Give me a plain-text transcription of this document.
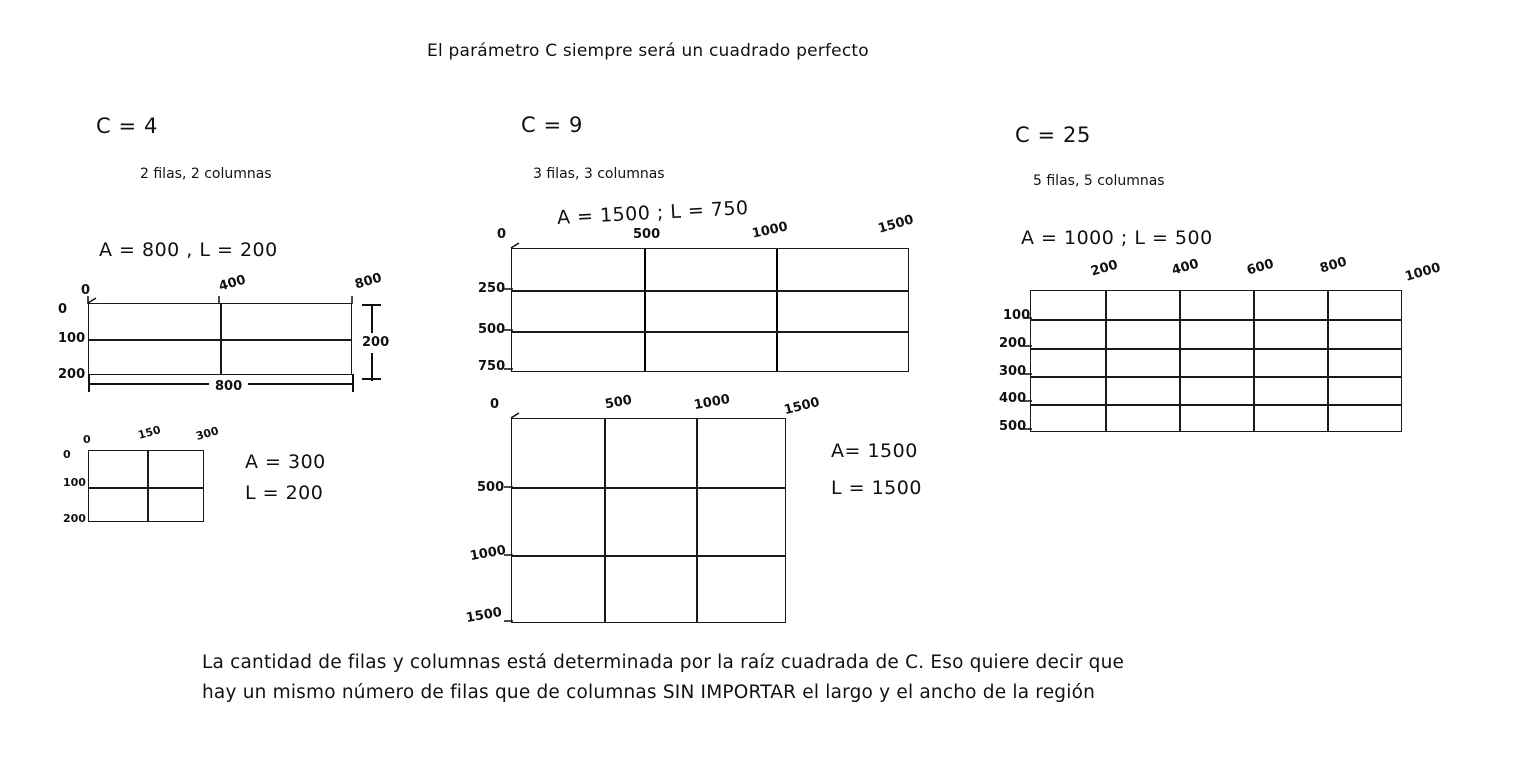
El parámetro C siempre será un cuadrado perfecto
C = 4
2 filas, 2 columnas
A = 800 , L = 200
0	400	800
0
100
200
800
200
0	150	300
0
100
200
A = 300
L = 200
C = 9
3 filas, 3 columnas
A = 1500 ; L = 750
0	500	1000	1500
250
500
750
0	500	1000	1500
500
1000
1500
A= 1500
L = 1500
C = 25
5 filas, 5 columnas
A = 1000 ; L = 500
200	400	600	800	1000
100
200
300
400
500
La cantidad de filas y columnas está determinada por la raíz cuadrada de C. Eso quiere decir que
hay un mismo número de filas que de columnas SIN IMPORTAR el largo y el ancho de la región
